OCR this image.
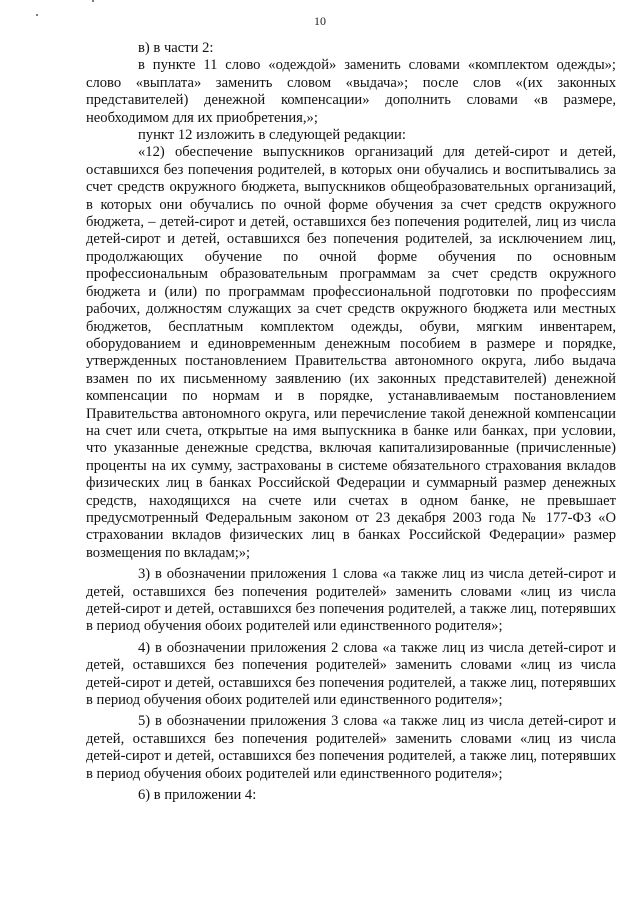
10

в) в части 2:

в пункте 11 слово «одеждой» заменить словами «комплектом одежды»; слово «выплата» заменить словом «выдача»; после слов «(их законных представителей) денежной компенсации» дополнить словами «в размере, необходимом для их приобретения,»;

пункт 12 изложить в следующей редакции:

«12) обеспечение выпускников организаций для детей-сирот и детей, оставшихся без попечения родителей, в которых они обучались и воспитывались за счет средств окружного бюджета, выпускников общеобразовательных организаций, в которых они обучались по очной форме обучения за счет средств окружного бюджета, – детей-сирот и детей, оставшихся без попечения родителей, лиц из числа детей-сирот и детей, оставшихся без попечения родителей, за исключением лиц, продолжающих обучение по очной форме обучения по основным профессиональным образовательным программам за счет средств окружного бюджета и (или) по программам профессиональной подготовки по профессиям рабочих, должностям служащих за счет средств окружного бюджета или местных бюджетов, бесплатным комплектом одежды, обуви, мягким инвентарем, оборудованием и единовременным денежным пособием в размере и порядке, утвержденных постановлением Правительства автономного округа, либо выдача взамен по их письменному заявлению (их законных представителей) денежной компенсации по нормам и в порядке, устанавливаемым постановлением Правительства автономного округа, или перечисление такой денежной компенсации на счет или счета, открытые на имя выпускника в банке или банках, при условии, что указанные денежные средства, включая капитализированные (причисленные) проценты на их сумму, застрахованы в системе обязательного страхования вкладов физических лиц в банках Российской Федерации и суммарный размер денежных средств, находящихся на счете или счетах в одном банке, не превышает предусмотренный Федеральным законом от 23 декабря 2003 года № 177-ФЗ «О страховании вкладов физических лиц в банках Российской Федерации» размер возмещения по вкладам;»;

3) в обозначении приложения 1 слова «а также лиц из числа детей-сирот и детей, оставшихся без попечения родителей» заменить словами «лиц из числа детей-сирот и детей, оставшихся без попечения родителей, а также лиц, потерявших в период обучения обоих родителей или единственного родителя»;

4) в обозначении приложения 2 слова «а также лиц из числа детей-сирот и детей, оставшихся без попечения родителей» заменить словами «лиц из числа детей-сирот и детей, оставшихся без попечения родителей, а также лиц, потерявших в период обучения обоих родителей или единственного родителя»;

5) в обозначении приложения 3 слова «а также лиц из числа детей-сирот и детей, оставшихся без попечения родителей» заменить словами «лиц из числа детей-сирот и детей, оставшихся без попечения родителей, а также лиц, потерявших в период обучения обоих родителей или единственного родителя»;

6) в приложении 4:
